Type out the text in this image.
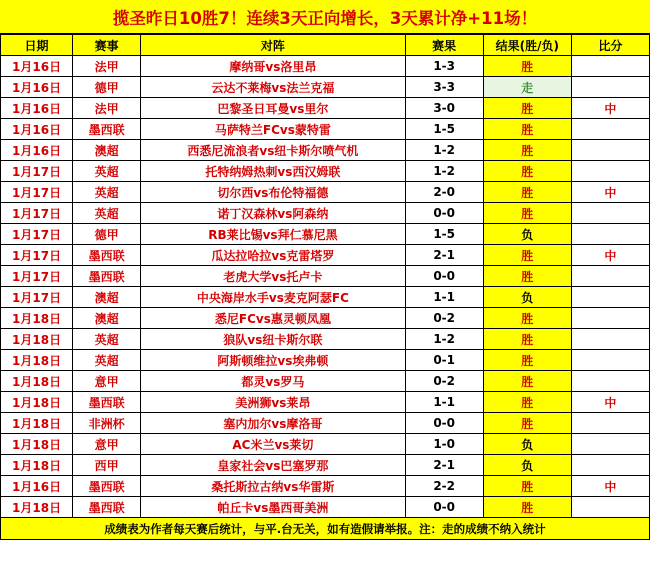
揽圣昨日10胜7！连续3天正向增长，3天累计净+11场！
日期	赛事	对阵	赛果	结果(胜/负)	比分
1月16日	法甲	摩纳哥vs洛里昂	1-3	胜	
1月16日	德甲	云达不莱梅vs法兰克福	3-3	走	
1月16日	法甲	巴黎圣日耳曼vs里尔	3-0	胜	中
1月16日	墨西联	马萨特兰FCvs蒙特雷	1-5	胜	
1月16日	澳超	西悉尼流浪者vs纽卡斯尔喷气机	1-2	胜	
1月17日	英超	托特纳姆热刺vs西汉姆联	1-2	胜	
1月17日	英超	切尔西vs布伦特福德	2-0	胜	中
1月17日	英超	诺丁汉森林vs阿森纳	0-0	胜	
1月17日	德甲	RB莱比锡vs拜仁慕尼黑	1-5	负	
1月17日	墨西联	瓜达拉哈拉vs克雷塔罗	2-1	胜	中
1月17日	墨西联	老虎大学vs托卢卡	0-0	胜	
1月17日	澳超	中央海岸水手vs麦克阿瑟FC	1-1	负	
1月18日	澳超	悉尼FCvs惠灵顿凤凰	0-2	胜	
1月18日	英超	狼队vs纽卡斯尔联	1-2	胜	
1月18日	英超	阿斯顿维拉vs埃弗顿	0-1	胜	
1月18日	意甲	都灵vs罗马	0-2	胜	
1月18日	墨西联	美洲狮vs莱昂	1-1	胜	中
1月18日	非洲杯	塞内加尔vs摩洛哥	0-0	胜	
1月18日	意甲	AC米兰vs莱切	1-0	负	
1月18日	西甲	皇家社会vs巴塞罗那	2-1	负	
1月16日	墨西联	桑托斯拉古纳vs华雷斯	2-2	胜	中
1月18日	墨西联	帕丘卡vs墨西哥美洲	0-0	胜	
成绩表为作者每天赛后统计，与平.台无关，如有造假请举报。注：走的成绩不纳入统计
